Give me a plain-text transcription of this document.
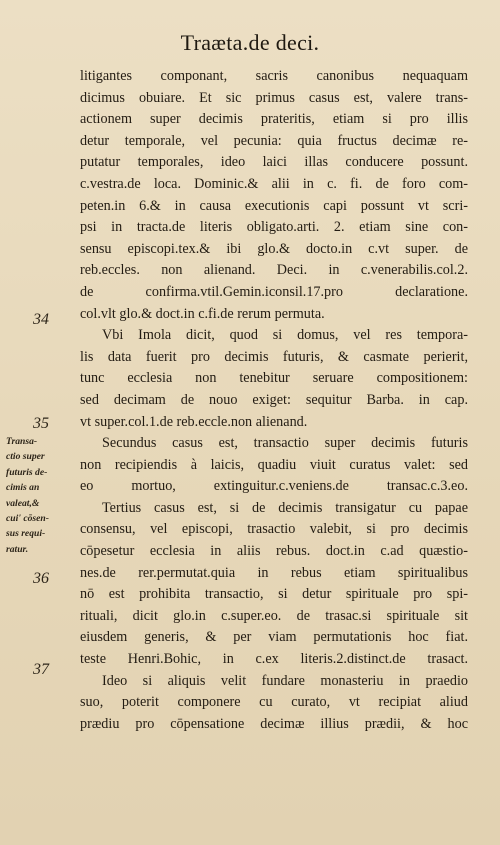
Traæta.de deci.
34
35
36
37
Transa-
ctio super
futuris de-
cimis an
valeat,&
cui' cōsen-
sus requi-
ratur.
litigantes componant, sacris canonibus nequaquam
dicimus obuiare. Et sic primus casus est, valere trans-
actionem super decimis prateritis, etiam si pro illis
detur temporale, vel pecunia: quia fructus decimæ re-
putatur temporales, ideo laici illas conducere possunt.
c.vestra.de loca. Dominic.& alii in c. fi. de foro com-
peten.in 6.& in causa executionis capi possunt vt scri-
psi in tracta.de literis obligato.arti. 2. etiam sine con-
sensu episcopi.tex.& ibi glo.& docto.in c.vt super. de
reb.eccles. non alienand. Deci. in c.venerabilis.col.2.
de confirma.vtil.Gemin.iconsil.17.pro declaratione.
col.vlt glo.& doct.in c.fi.de rerum permuta.
Vbi Imola dicit, quod si domus, vel res tempora-
lis data fuerit pro decimis futuris, & casmate perierit,
tunc ecclesia non tenebitur seruare compositionem:
sed decimam de nouo exiget: sequitur Barba. in cap.
vt super.col.1.de reb.eccle.non alienand.
Secundus casus est, transactio super decimis futuris
non recipiendis à laicis, quadiu viuit curatus valet: sed
eo mortuo, extinguitur.c.veniens.de transac.c.3.eo.
Tertius casus est, si de decimis transigatur cu papae
consensu, vel episcopi, trasactio valebit, si pro decimis
cōpesetur ecclesia in aliis rebus. doct.in c.ad quæstio-
nes.de rer.permutat.quia in rebus etiam spiritualibus
nō est prohibita transactio, si detur spirituale pro spi-
rituali, dicit glo.in c.super.eo. de trasac.si spirituale sit
eiusdem generis, & per viam permutationis hoc fiat.
teste Henri.Bohic, in c.ex literis.2.distinct.de trasact.
Ideo si aliquis velit fundare monasteriu in praedio
suo, poterit componere cu curato, vt recipiat aliud
prædiu pro cōpensatione decimæ illius prædii, & hoc
